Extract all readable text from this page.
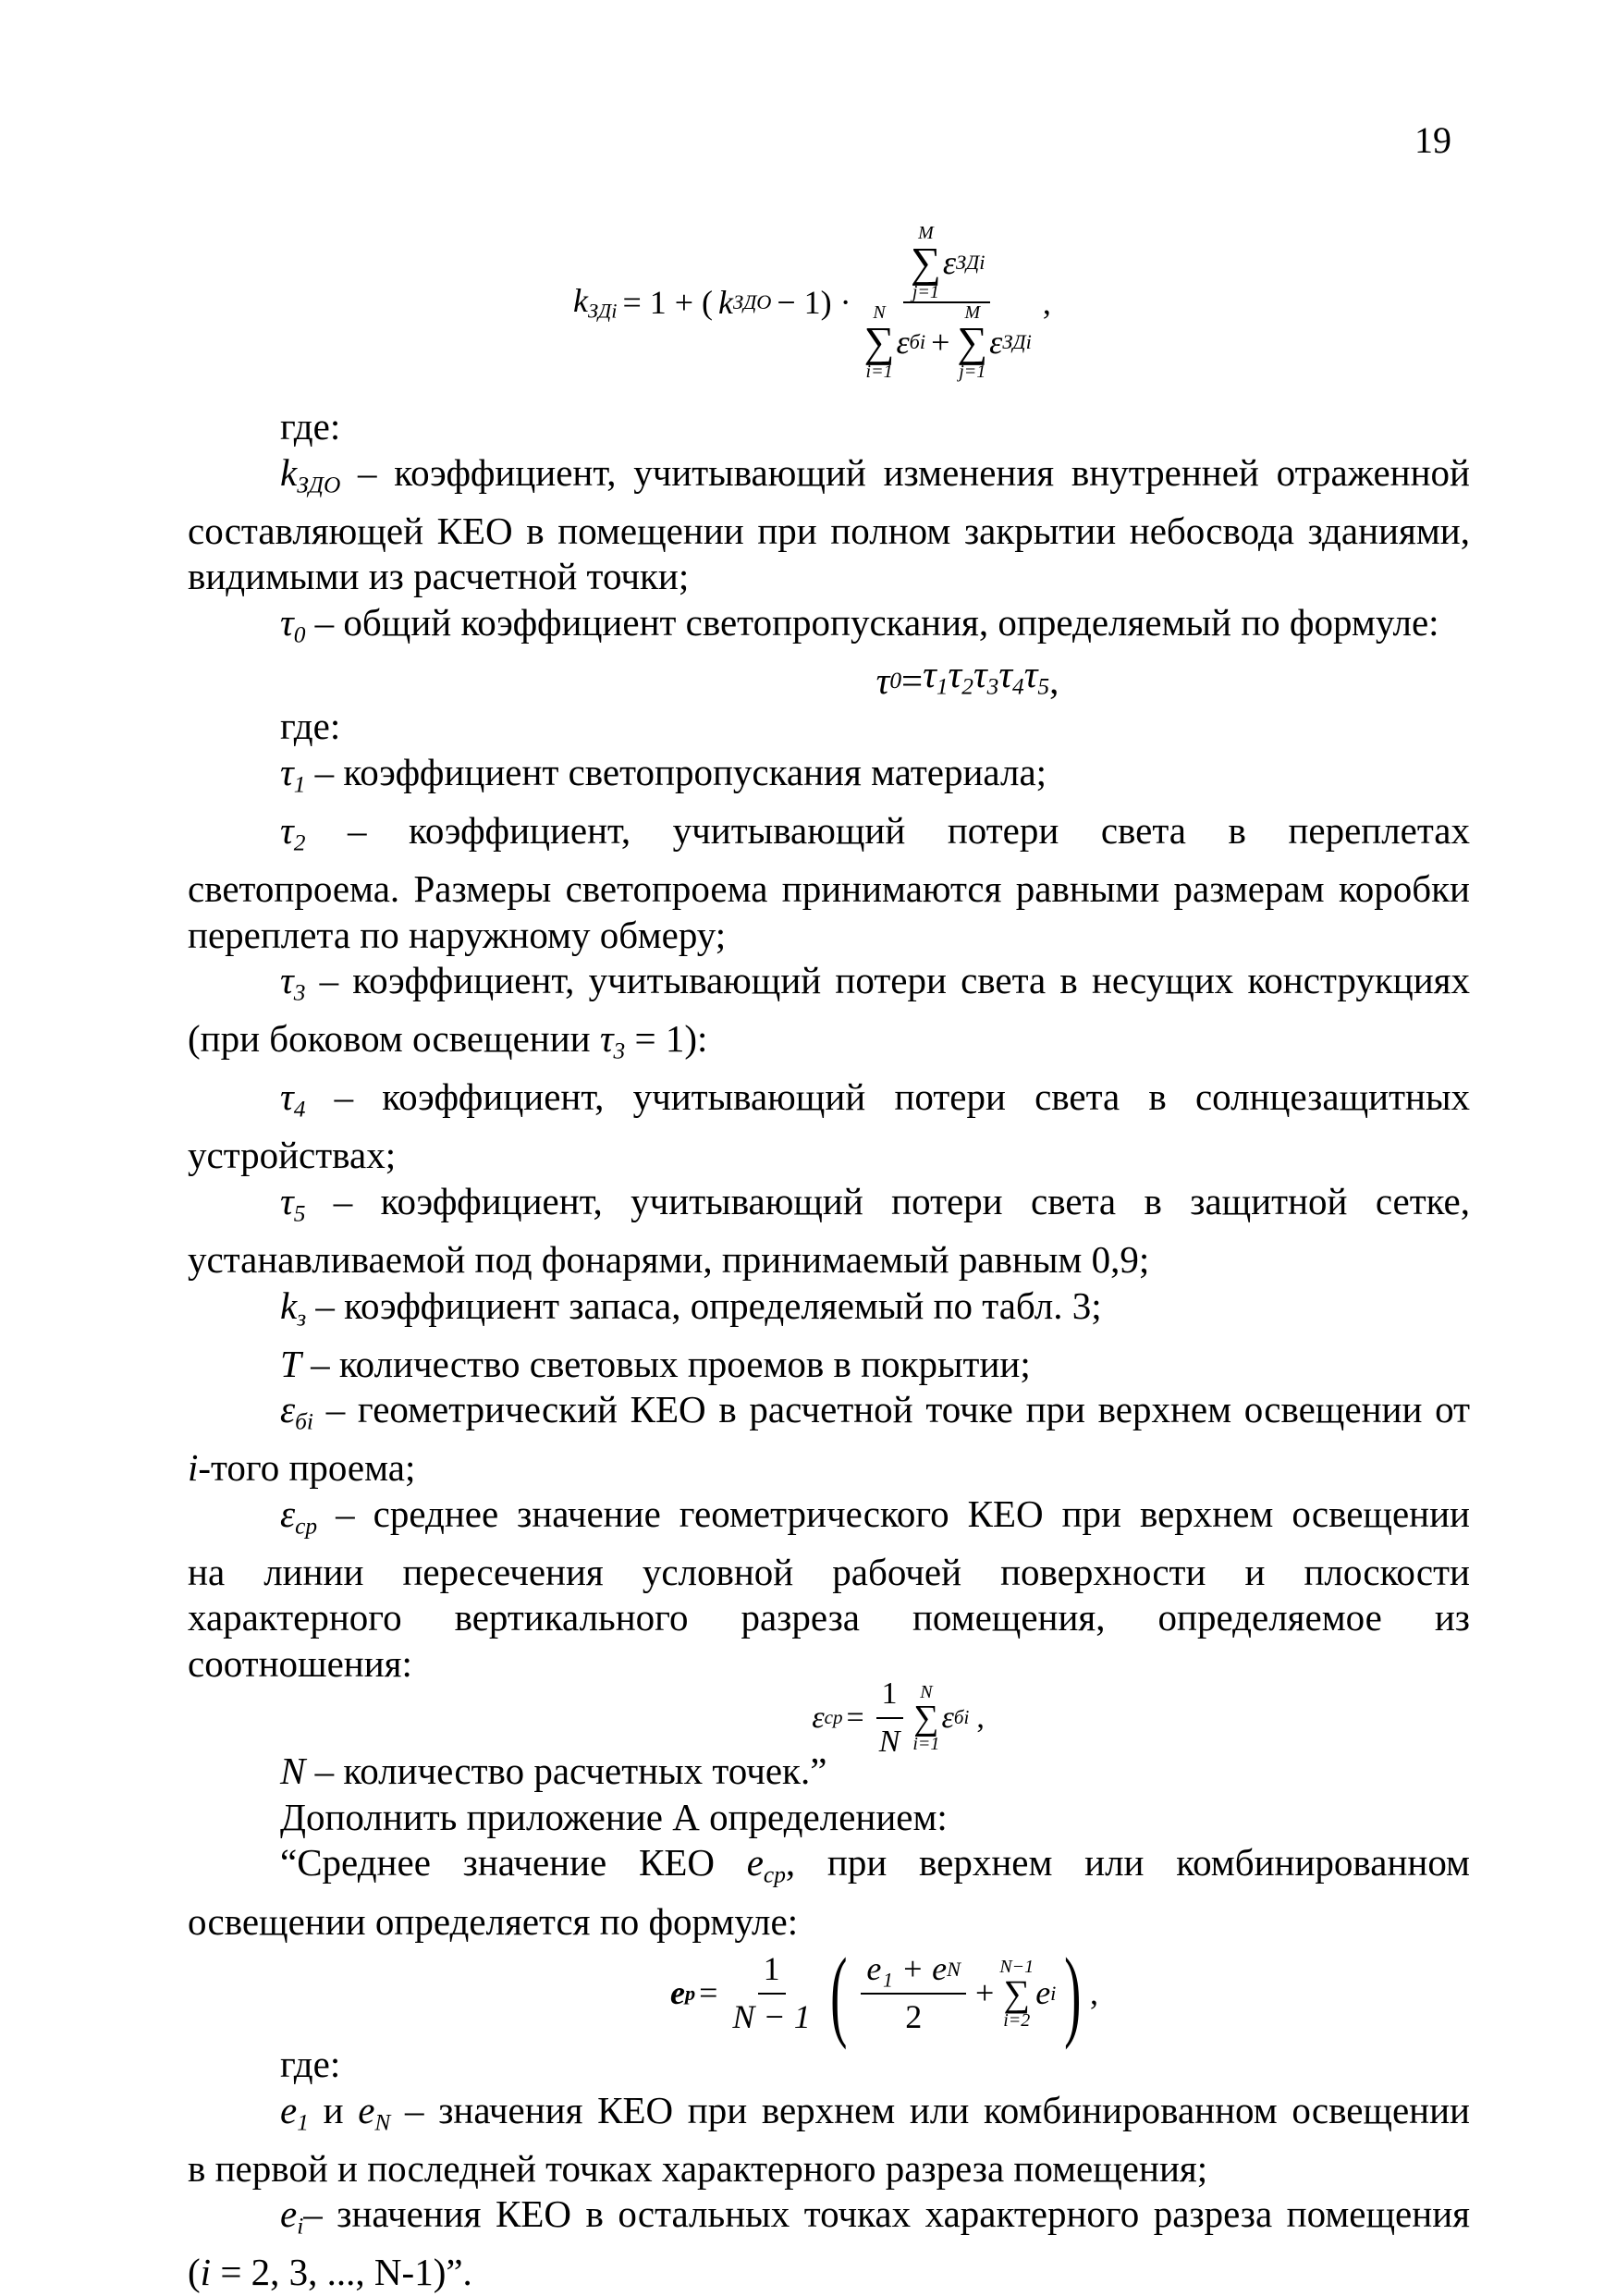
19
$k_{ЗДі} = 1$ + ( k ЗДО − 1) · M
∑
j=1
ε ЗДі
N
∑
i=1
ε бі +
M
∑
j=1
ε ЗДі ,
где:
$k_{ЗДО}$ – коэффициент, учитывающий изменения внутренней отраженной
составляющей КЕО в помещении при полном закрытии небосвода зданиями,
видимыми из расчетной точки;
$\tau_0$ – общий коэффициент светопропускания, определяемый по формуле:
τ $0 = \tau_1\tau_2\tau_3\tau_4\tau_5$ ,
где:
$\tau_1$ – коэффициент светопропускания материала;
$\tau_2$ – коэффициент, учитывающий потери света в переплетах
светопроема. Размеры светопроема принимаются равными размерам коробки
переплета по наружному обмеру;
$\tau_3$ – коэффициент, учитывающий потери света в несущих конструкциях
(при боковом освещении $\tau_3 = 1$):
$\tau_4$ – коэффициент, учитывающий потери света в солнцезащитных
устройствах;
$\tau_5$ – коэффициент, учитывающий потери света в защитной сетке,
устанавливаемой под фонарями, принимаемый равным 0,9;
$k_з$ – коэффициент запаса, определяемый по табл. 3;
T – количество световых проемов в покрытии;
$\varepsilon_{бі}$ – геометрический КЕО в расчетной точке при верхнем освещении от
i-того проема;
$\varepsilon_{ср}$ – среднее значение геометрического КЕО при верхнем освещении
на линии пересечения условной рабочей поверхности и плоскости
характерного вертикального разреза помещения, определяемое из
соотношения:
ε ср = $\frac{1}{N}$ N
∑
i=1
ε бі ,
N – количество расчетных точек.”
Дополнить приложение А определением:
“Среднее значение КЕО $e_{ср}$, при верхнем или комбинированном
освещении определяется по формуле:
e $р = \frac{1}{N - 1}$ ( $\frac{\text{e₁ + e N}}{2}$ +
N−1
∑
i=2
e i ) ,
где:
$e_1$ и $e_N$ – значения КЕО при верхнем или комбинированном освещении
в первой и последней точках характерного разреза помещения;
$e_i-$ значения КЕО в остальных точках характерного разреза помещения
(i = 2, 3, ..., N-1)”.
